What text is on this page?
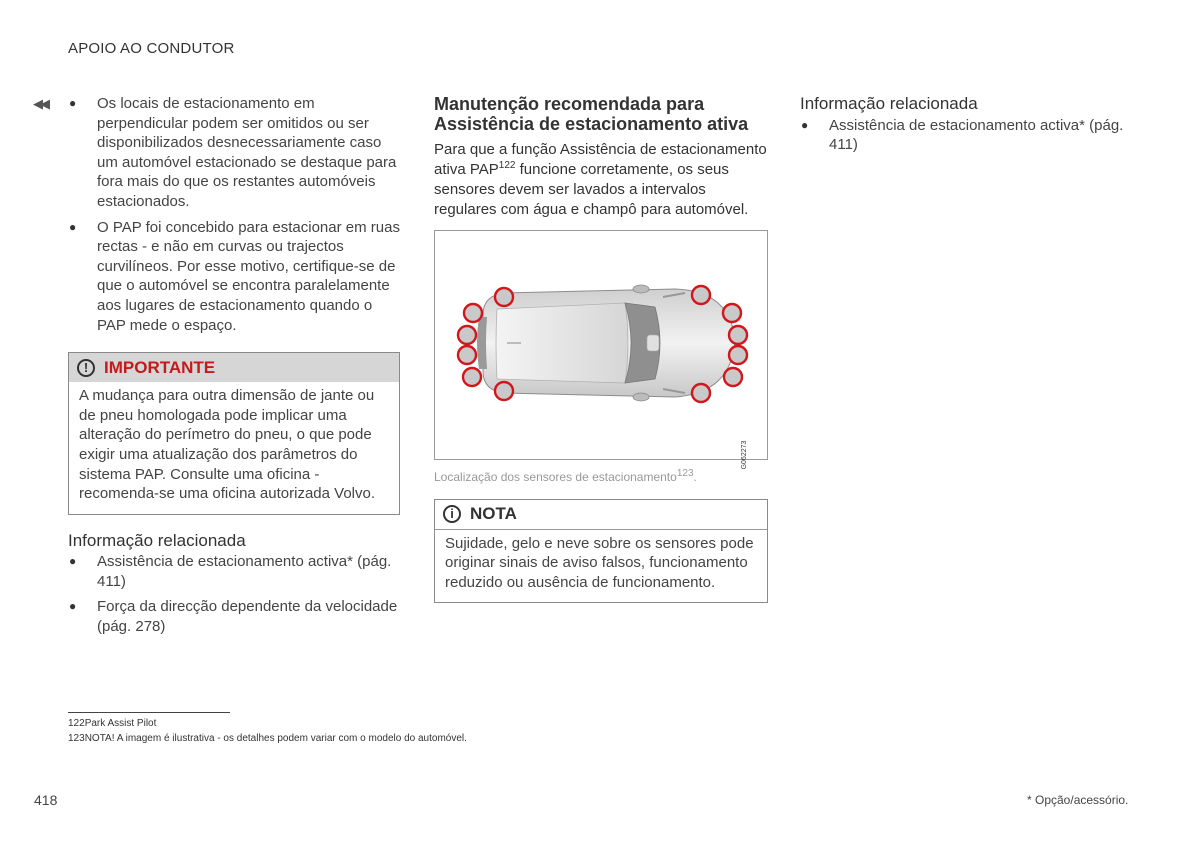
APOIO AO CONDUTOR
◀◀ ● Os locais de estacionamento em perpendicular podem ser omitidos ou ser disponibilizados desnecessariamente caso um automóvel estacionado se destaque para fora mais do que os restantes automóveis estacionados.
● O PAP foi concebido para estacionar em ruas rectas - e não em curvas ou trajectos curvilíneos. Por esse motivo, certifique-se de que o automóvel se encontra paralelamente aos lugares de estacionamento quando o PAP mede o espaço.
! IMPORTANTE
A mudança para outra dimensão de jante ou de pneu homologada pode implicar uma alteração do perímetro do pneu, o que pode exigir uma atualização dos parâmetros do sistema PAP. Consulte uma oficina - recomenda-se uma oficina autorizada Volvo.
Informação relacionada
● Assistência de estacionamento activa* (pág. 411)
● Força da direcção dependente da velocidade (pág. 278)
Manutenção recomendada para Assistência de estacionamento ativa
Para que a função Assistência de estacionamento ativa PAP$^{122}$ funcione corretamente, os seus sensores devem ser lavados a intervalos regulares com água e champô para automóvel.
G062273
Localização dos sensores de estacionamento$^{123}$.
i NOTA
Sujidade, gelo e neve sobre os sensores pode originar sinais de aviso falsos, funcionamento reduzido ou ausência de funcionamento.
Informação relacionada
● Assistência de estacionamento activa* (pág. 411)
122Park Assist Pilot
123NOTA! A imagem é ilustrativa - os detalhes podem variar com o modelo do automóvel.
418	* Opção/acessório.
